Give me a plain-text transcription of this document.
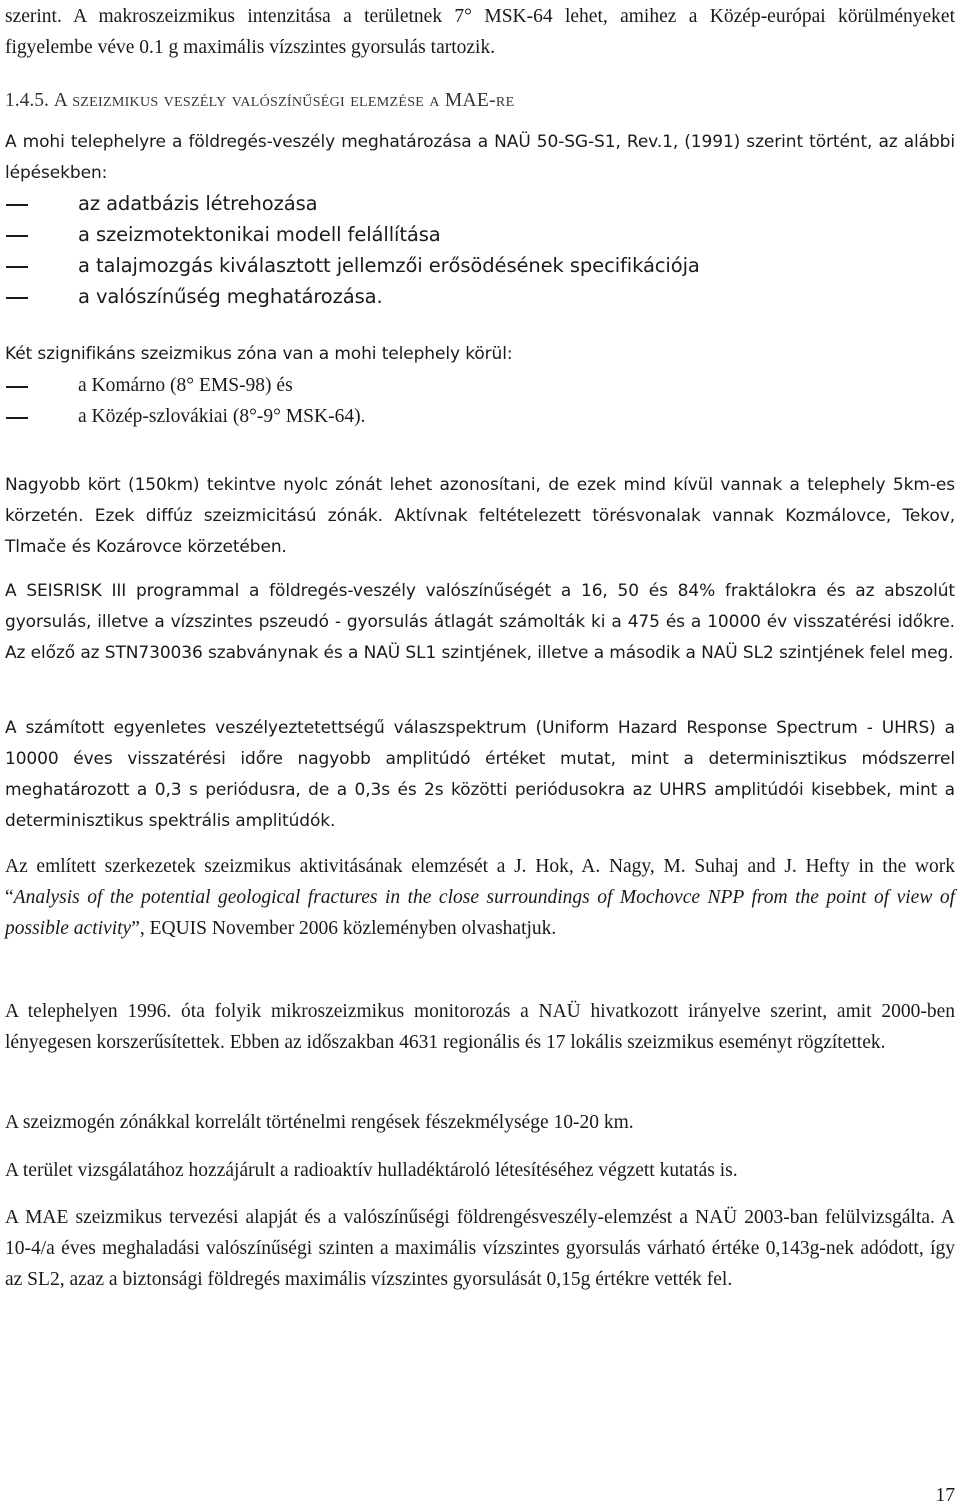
szerint. A makroszeizmikus intenzitása a területnek 7° MSK-64 lehet, amihez a Közép-európai körülményeket figyelembe véve 0.1 g maximális vízszintes gyorsulás tartozik.

1.4.5. A szeizmikus veszély valószínűségi elemzése a MAE-re

A mohi telephelyre a földregés-veszély meghatározása a NAÜ 50-SG-S1, Rev.1, (1991) szerint történt, az alábbi lépésekben:

az adatbázis létrehozása
a szeizmotektonikai modell felállítása
a talajmozgás kiválasztott jellemzői erősödésének specifikációja
a valószínűség meghatározása.

Két szignifikáns szeizmikus zóna van a mohi telephely körül:

a Komárno (8° EMS-98) és
a Közép-szlovákiai (8°-9° MSK-64).

Nagyobb kört (150km) tekintve nyolc zónát lehet azonosítani, de ezek mind kívül vannak a telephely 5km-es körzetén. Ezek diffúz szeizmicitású zónák. Aktívnak feltételezett törésvonalak vannak Kozmálovce, Tekov, Tlmače és Kozárovce körzetében.

A SEISRISK III programmal a földregés-veszély valószínűségét a 16, 50 és 84% fraktálokra és az abszolút gyorsulás, illetve a vízszintes pszeudó - gyorsulás átlagát számolták ki a 475 és a 10000 év visszatérési időkre. Az előző az STN730036 szabványnak és a NAÜ SL1 szintjének, illetve a második a NAÜ SL2 szintjének felel meg.

A számított egyenletes veszélyeztetettségű válaszspektrum (Uniform Hazard Response Spectrum - UHRS) a 10000 éves visszatérési időre nagyobb amplitúdó értéket mutat, mint a determinisztikus módszerrel meghatározott a 0,3 s periódusra, de a 0,3s és 2s közötti periódusokra az UHRS amplitúdói kisebbek, mint a determinisztikus spektrális amplitúdók.

Az említett szerkezetek szeizmikus aktivitásának elemzését a J. Hok, A. Nagy, M. Suhaj and J. Hefty in the work “Analysis of the potential geological fractures in the close surroundings of Mochovce NPP from the point of view of possible activity”, EQUIS November 2006 közleményben olvashatjuk.

A telephelyen 1996. óta folyik mikroszeizmikus monitorozás a NAÜ hivatkozott irányelve szerint, amit 2000-ben lényegesen korszerűsítettek. Ebben az időszakban 4631 regionális és 17 lokális szeizmikus eseményt rögzítettek.

A szeizmogén zónákkal korrelált történelmi rengések fészekmélysége 10-20 km.

A terület vizsgálatához hozzájárult a radioaktív hulladéktároló létesítéséhez végzett kutatás is.

A MAE szeizmikus tervezési alapját és a valószínűségi földrengésveszély-elemzést a NAÜ 2003-ban felülvizsgálta. A 10-4/a éves meghaladási valószínűségi szinten a maximális vízszintes gyorsulás várható értéke 0,143g-nek adódott, így az SL2, azaz a biztonsági földregés maximális vízszintes gyorsulását 0,15g értékre vették fel.

17
